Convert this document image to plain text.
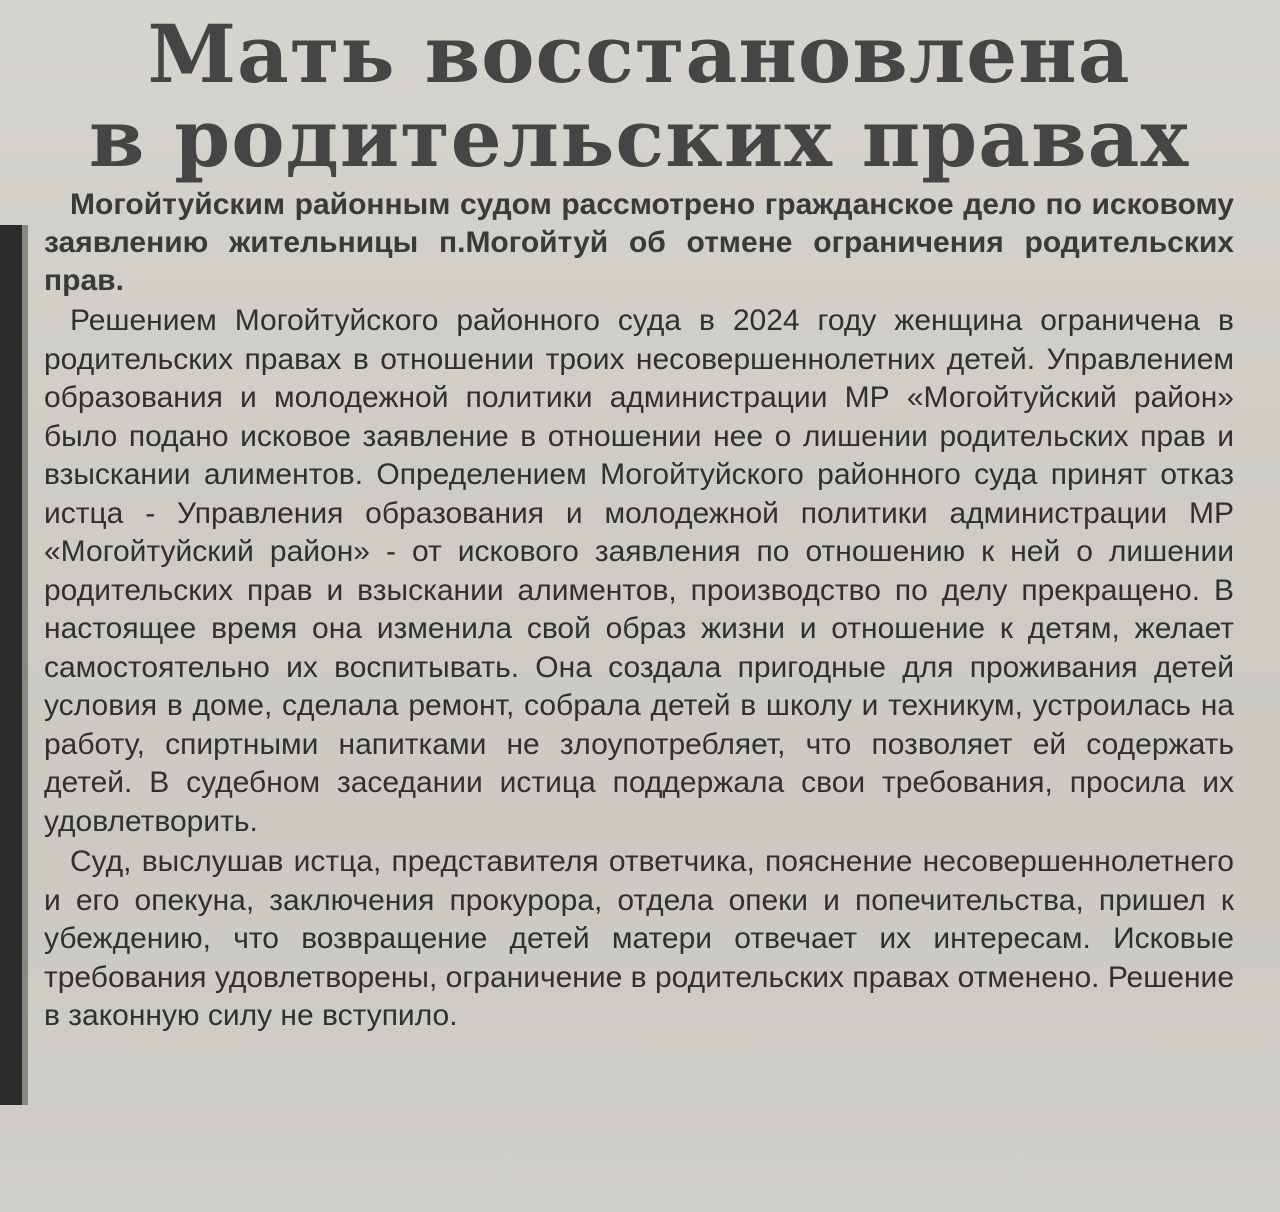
Мать восстановлена
в родительских правах

Могойтуйским районным судом рассмотрено гражданское дело по исковому заявлению жительницы п.Могойтуй об отмене ограничения родительских прав.

Решением Могойтуйского районного суда в 2024 году женщина ограничена в родительских правах в отношении троих несовершеннолетних детей. Управлением образования и молодежной политики администрации МР «Могойтуйский район» было подано исковое заявление в отношении нее о лишении родительских прав и взыскании алиментов. Определением Могойтуйского районного суда принят отказ истца - Управления образования и молодежной политики администрации МР «Могойтуйский район» - от искового заявления по отношению к ней о лишении родительских прав и взыскании алиментов, производство по делу прекращено. В настоящее время она изменила свой образ жизни и отношение к детям, желает самостоятельно их воспитывать. Она создала пригодные для проживания детей условия в доме, сделала ремонт, собрала детей в школу и техникум, устроилась на работу, спиртными напитками не злоупотребляет, что позволяет ей содержать детей. В судебном заседании истица поддержала свои требования, просила их удовлетворить.

Суд, выслушав истца, представителя ответчика, пояснение несовершеннолетнего и его опекуна, заключения прокурора, отдела опеки и попечительства, пришел к убеждению, что возвращение детей матери отвечает их интересам. Исковые требования удовлетворены, ограничение в родительских правах отменено. Решение в законную силу не вступило.
